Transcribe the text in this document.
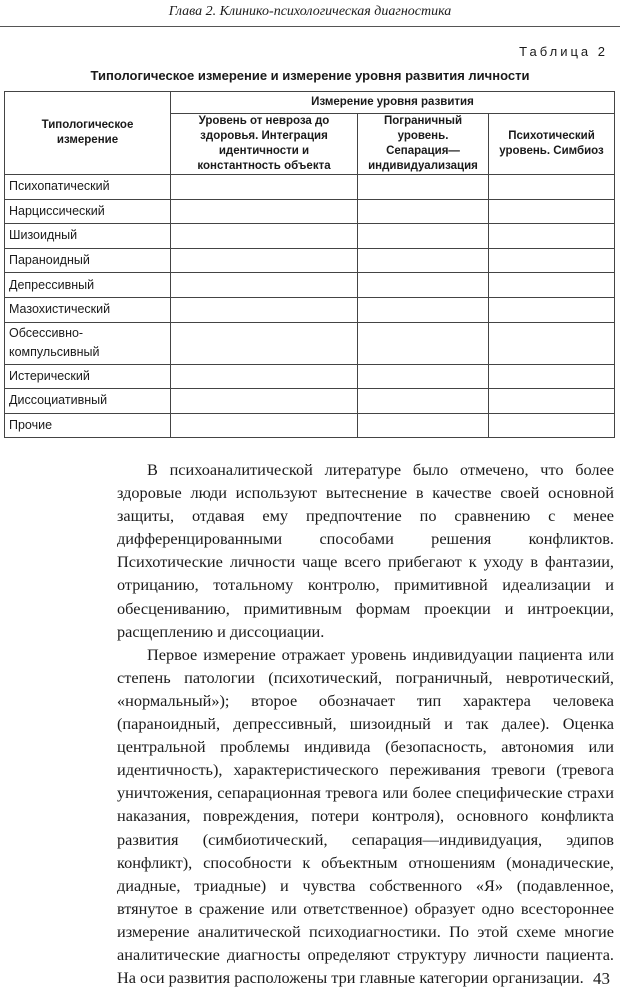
Глава 2. Клинико-психологическая диагностика
Таблица 2
Типологическое измерение и измерение уровня развития личности
Типологическое измерение	Измерение уровня развития		
	Уровень от невроза до здоровья. Интеграция идентичности и константность объекта	Пограничный уровень. Сепарация—индивидуализация	Психотический уровень. Симбиоз
Психопатический			
Нарциссический			
Шизоидный			
Параноидный			
Депрессивный			
Мазохистический			
Обсессивно-компульсивный			
Истерический			
Диссоциативный			
Прочие			

В психоаналитической литературе было отмечено, что более здоровые люди используют вытеснение в качестве своей основной защиты, отдавая ему предпочтение по сравнению с менее дифференцированными способами решения конфликтов. Психотические личности чаще всего прибегают к уходу в фантазии, отрицанию, тотальному контролю, примитивной идеализации и обесцениванию, примитивным формам проекции и интроекции, расщеплению и диссоциации.

Первое измерение отражает уровень индивидуации пациента или степень патологии (психотический, пограничный, невротический, «нормальный»); второе обозначает тип характера человека (параноидный, депрессивный, шизоидный и так далее). Оценка центральной проблемы индивида (безопасность, автономия или идентичность), характеристического переживания тревоги (тревога уничтожения, сепарационная тревога или более специфические страхи наказания, повреждения, потери контроля), основного конфликта развития (симбиотический, сепарация—индивидуация, эдипов конфликт), способности к объектным отношениям (монадические, диадные, триадные) и чувства собственного «Я» (подавленное, втянутое в сражение или ответственное) образует одно всестороннее измерение аналитической психодиагностики. По этой схеме многие аналитические диагносты определяют структуру личности пациента. На оси развития расположены три главные категории организации. 43
